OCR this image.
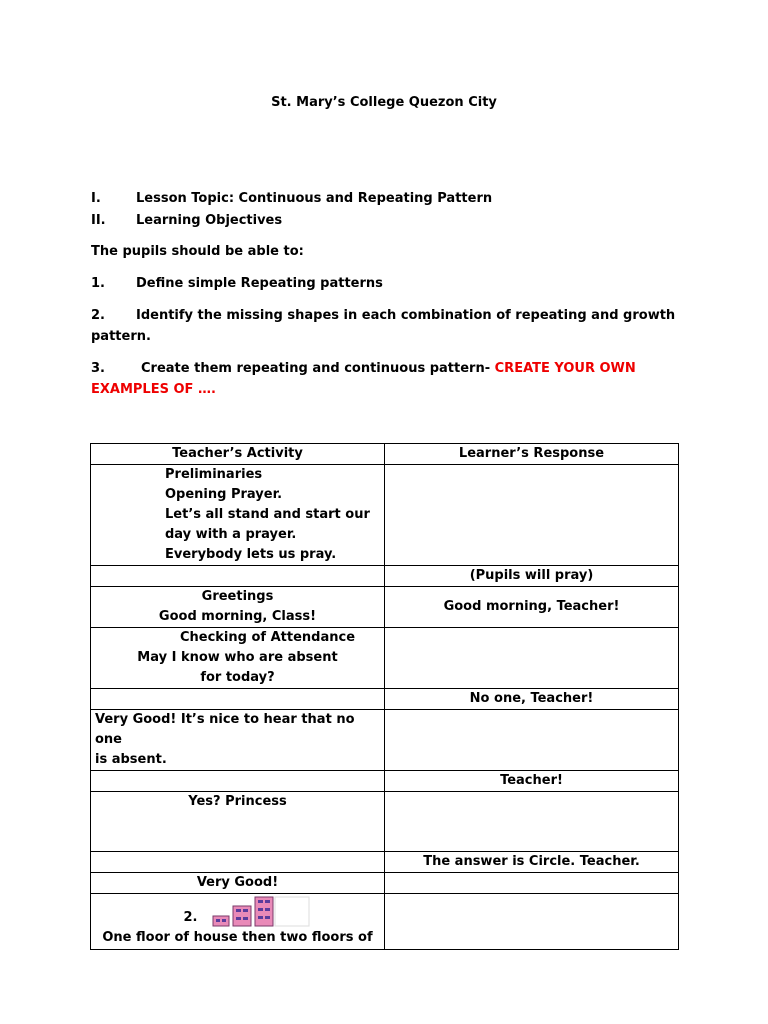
St. Mary’s College Quezon City
I.	Lesson Topic: Continuous and Repeating Pattern
II. Learning Objectives
The pupils should be able to:
1. Define simple Repeating patterns
2. Identify the missing shapes in each combination of repeating and growth
pattern.
3.	Create them repeating and continuous pattern- CREATE YOUR OWN
EXAMPLES OF ….
Teacher’s Activity	Learner’s Response

Preliminaries
Opening Prayer.
Let’s all stand and start our
day with a prayer.
Everybody lets us pray.	

	(Pupils will pray)

Greetings
Good morning, Class!	Good morning, Teacher!

Checking of Attendance
May I know who are absent
for today?	

	No one, Teacher!

Very Good! It’s nice to hear that no one
is absent.	

	Teacher!
Yes? Princess	
	The answer is Circle. Teacher.
Very Good!	

2.
One floor of house then two floors of	
